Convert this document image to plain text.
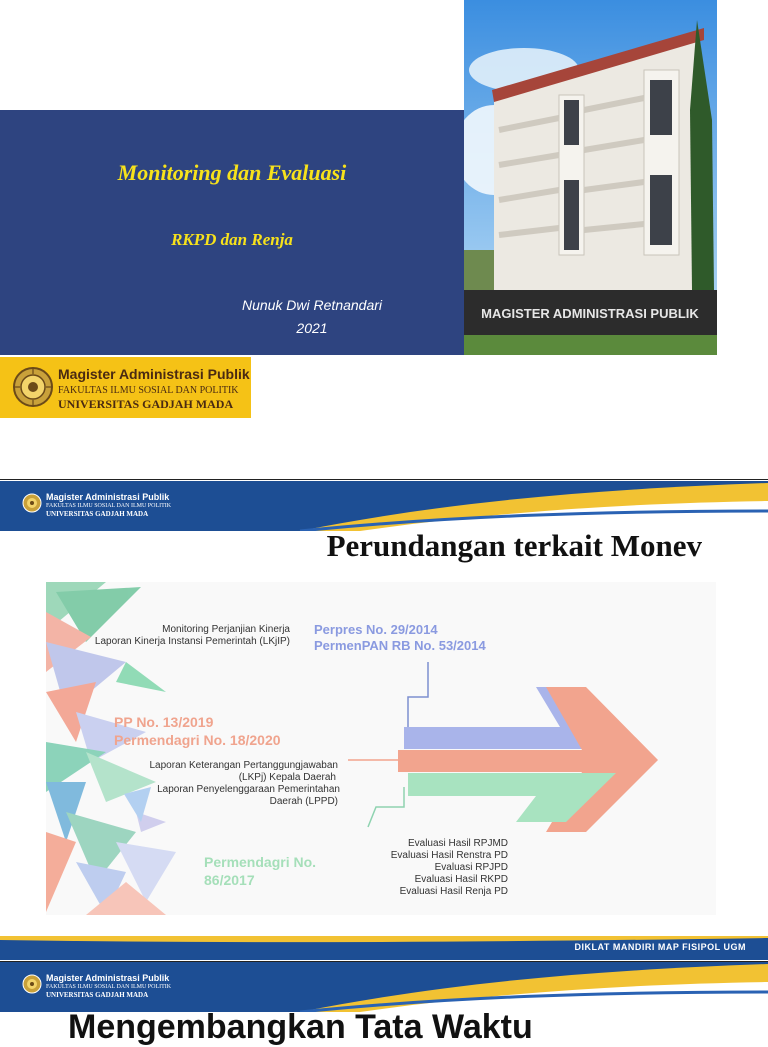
Monitoring dan Evaluasi
RKPD dan Renja
Nunuk Dwi Retnandari
2021
MAGISTER ADMINISTRASI PUBLIK
Magister Administrasi Publik
FAKULTAS ILMU SOSIAL DAN POLITIK
UNIVERSITAS GADJAH MADA
Magister Administrasi Publik
FAKULTAS ILMU SOSIAL DAN ILMU POLITIK
UNIVERSITAS GADJAH MADA
Perundangan terkait Monev
Monitoring Perjanjian Kinerja
Laporan Kinerja Instansi Pemerintah (LKjIP)
Perpres No. 29/2014
PermenPAN RB No. 53/2014
PP No. 13/2019
Permendagri No. 18/2020
Laporan Keterangan Pertanggungjawaban
(LKPj) Kepala Daerah
Laporan Penyelenggaraan Pemerintahan
Daerah (LPPD)
Permendagri No.
86/2017
Evaluasi Hasil RPJMD
Evaluasi Hasil Renstra PD
Evaluasi RPJPD
Evaluasi Hasil RKPD
Evaluasi Hasil Renja PD
DIKLAT MANDIRI MAP FISIPOL UGM
Magister Administrasi Publik
FAKULTAS ILMU SOSIAL DAN ILMU POLITIK
UNIVERSITAS GADJAH MADA
Mengembangkan Tata Waktu
